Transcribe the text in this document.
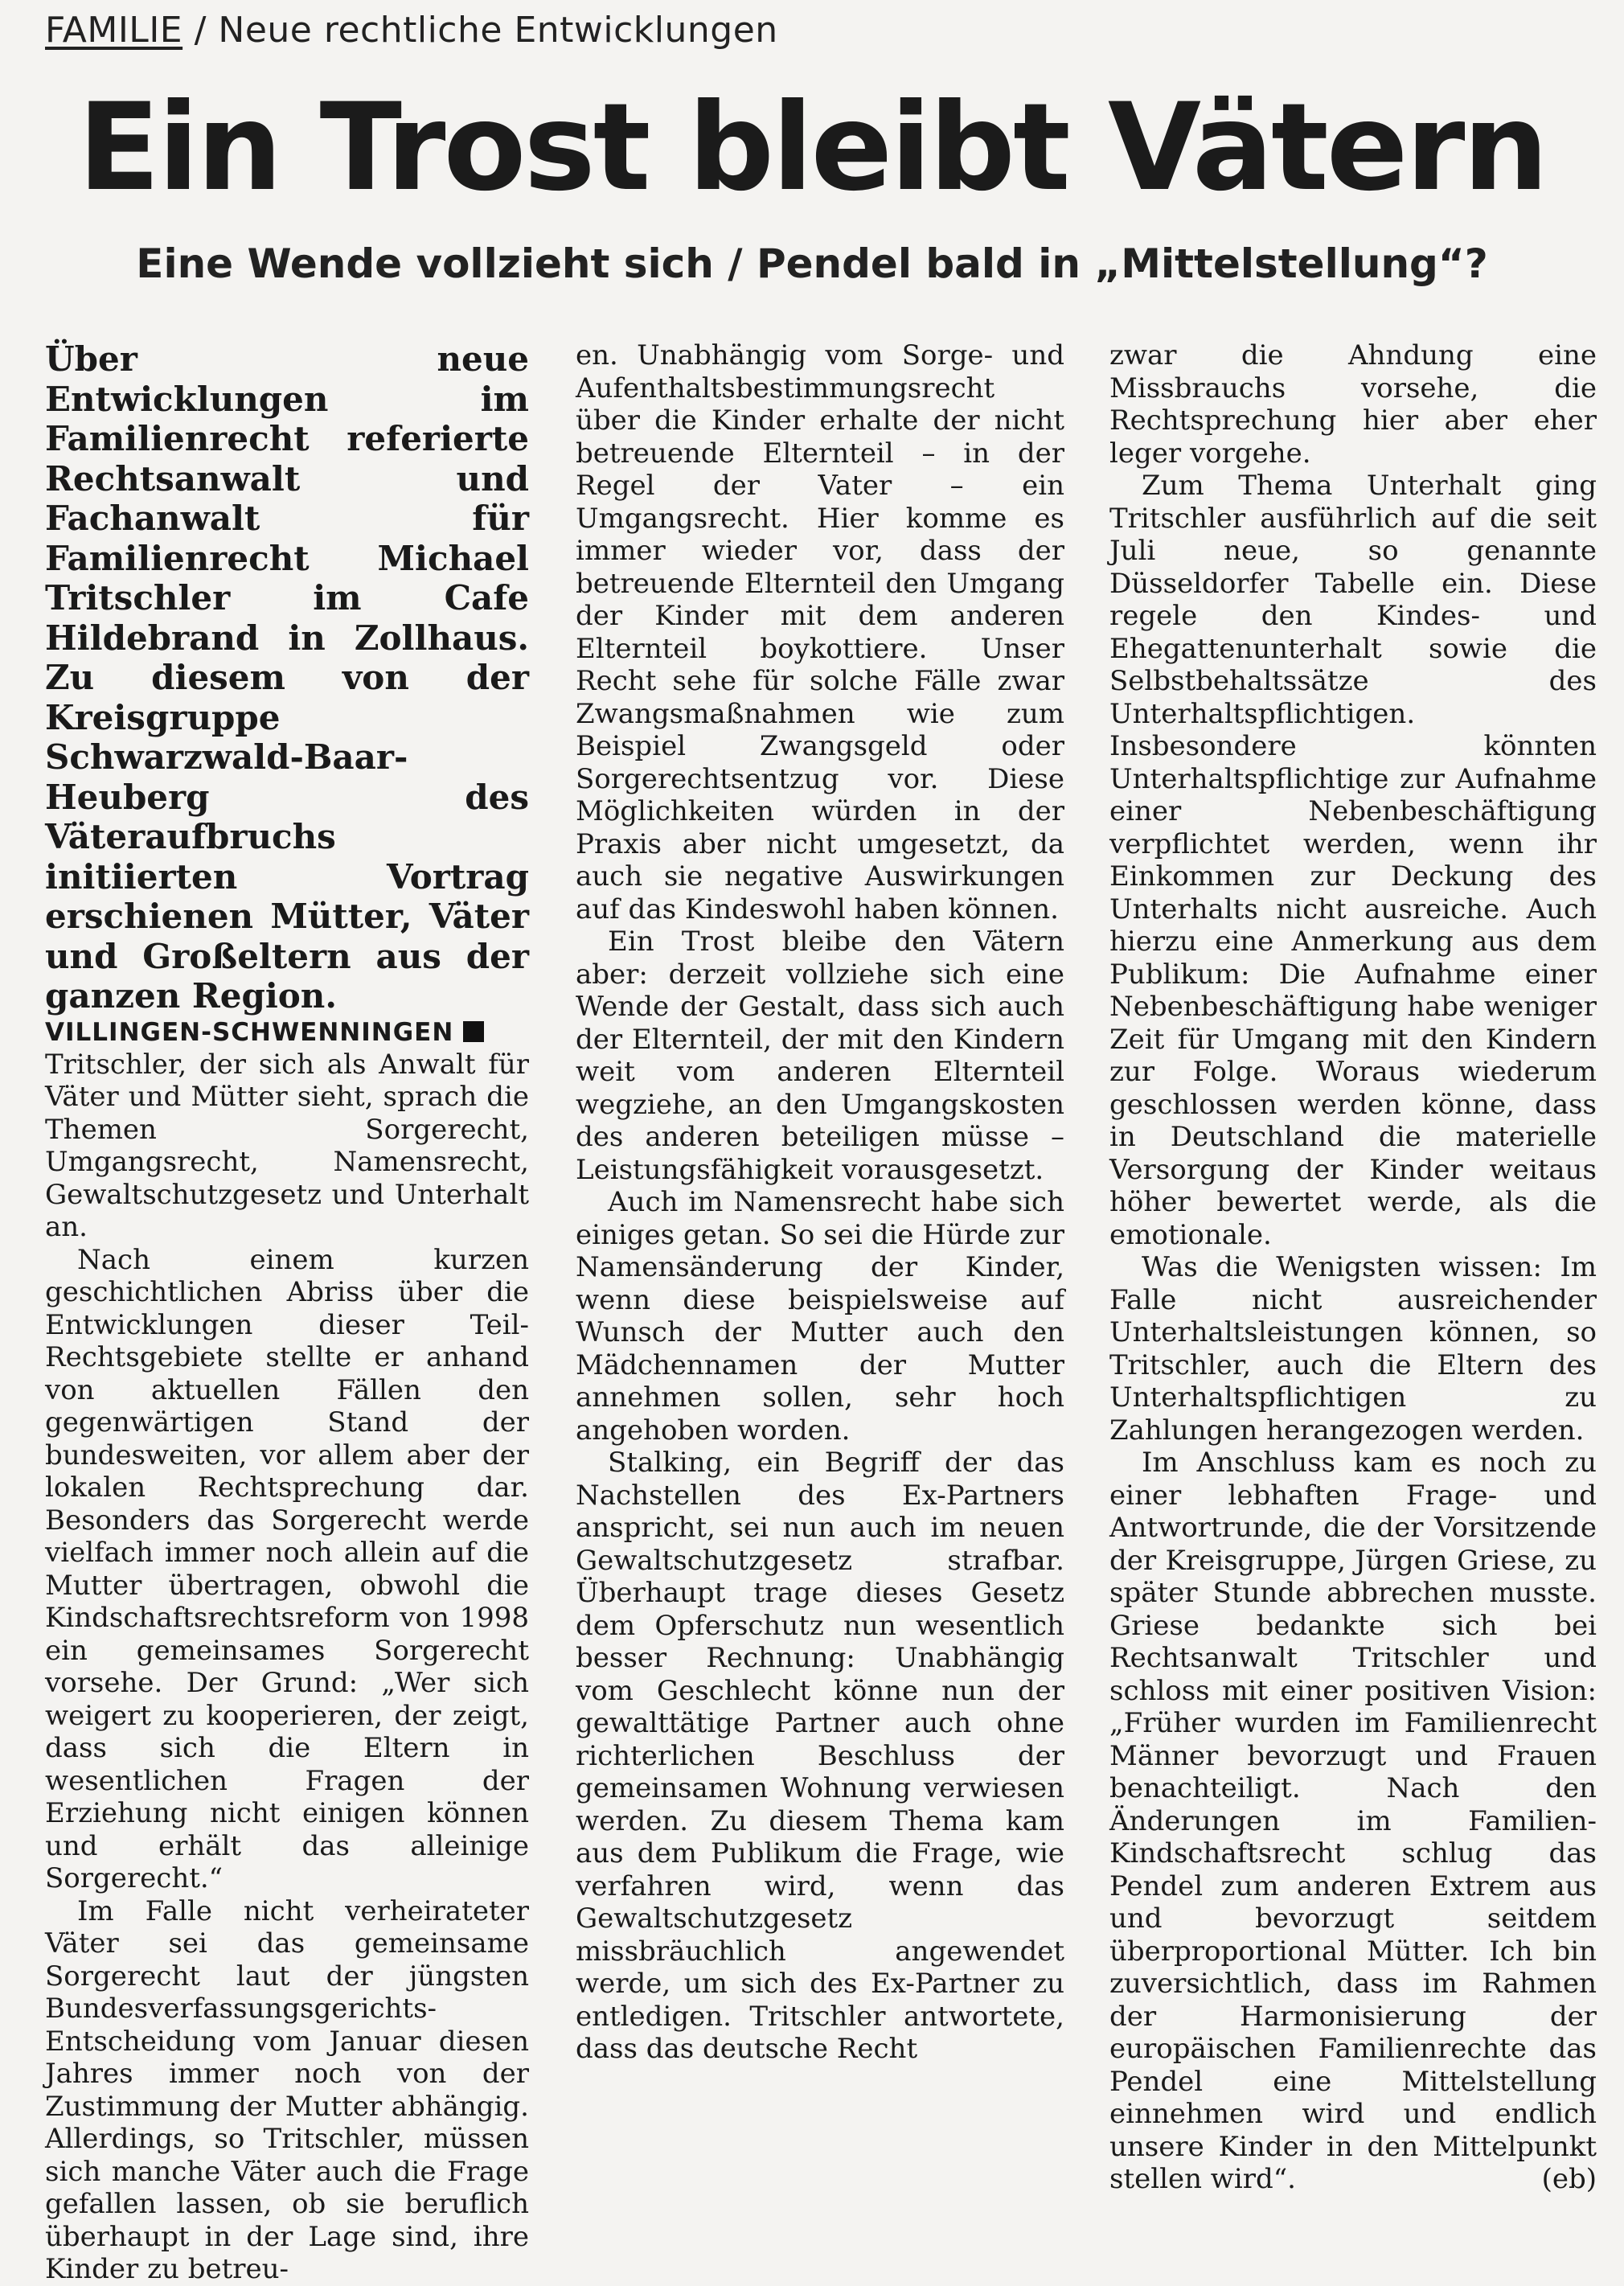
FAMILIE / Neue rechtliche Entwicklungen
Ein Trost bleibt Vätern
Eine Wende vollzieht sich / Pendel bald in „Mittelstellung“?

Über neue Entwicklungen im Familienrecht referierte Rechtsanwalt und Fachanwalt für Familienrecht Michael Tritschler im Cafe Hildebrand in Zollhaus. Zu diesem von der Kreisgruppe Schwarzwald-Baar-Heuberg des Väteraufbruchs initiierten Vortrag erschienen Mütter, Väter und Großeltern aus der ganzen Region.

VILLINGEN-SCHWENNINGEN

Tritschler, der sich als Anwalt für Väter und Mütter sieht, sprach die Themen Sorgerecht, Umgangsrecht, Namensrecht, Gewaltschutzgesetz und Unterhalt an.

Nach einem kurzen geschichtlichen Abriss über die Entwicklungen dieser Teil-Rechtsgebiete stellte er anhand von aktuellen Fällen den gegenwärtigen Stand der bundesweiten, vor allem aber der lokalen Rechtsprechung dar. Besonders das Sorgerecht werde vielfach immer noch allein auf die Mutter übertragen, obwohl die Kindschaftsrechtsreform von 1998 ein gemeinsames Sorgerecht vorsehe. Der Grund: „Wer sich weigert zu kooperieren, der zeigt, dass sich die Eltern in wesentlichen Fragen der Erziehung nicht einigen können und erhält das alleinige Sorgerecht.“

Im Falle nicht verheirateter Väter sei das gemeinsame Sorgerecht laut der jüngsten Bundesverfassungsgerichts-Entscheidung vom Januar diesen Jahres immer noch von der Zustimmung der Mutter abhängig. Allerdings, so Tritschler, müssen sich manche Väter auch die Frage gefallen lassen, ob sie beruflich überhaupt in der Lage sind, ihre Kinder zu betreu-

en. Unabhängig vom Sorge- und Aufenthaltsbestimmungsrecht über die Kinder erhalte der nicht betreuende Elternteil – in der Regel der Vater – ein Umgangsrecht. Hier komme es immer wieder vor, dass der betreuende Elternteil den Umgang der Kinder mit dem anderen Elternteil boykottiere. Unser Recht sehe für solche Fälle zwar Zwangsmaßnahmen wie zum Beispiel Zwangsgeld oder Sorgerechtsentzug vor. Diese Möglichkeiten würden in der Praxis aber nicht umgesetzt, da auch sie negative Auswirkungen auf das Kindeswohl haben können.

Ein Trost bleibe den Vätern aber: derzeit vollziehe sich eine Wende der Gestalt, dass sich auch der Elternteil, der mit den Kindern weit vom anderen Elternteil wegziehe, an den Umgangskosten des anderen beteiligen müsse – Leistungsfähigkeit vorausgesetzt.

Auch im Namensrecht habe sich einiges getan. So sei die Hürde zur Namensänderung der Kinder, wenn diese beispielsweise auf Wunsch der Mutter auch den Mädchennamen der Mutter annehmen sollen, sehr hoch angehoben worden.

Stalking, ein Begriff der das Nachstellen des Ex-Partners anspricht, sei nun auch im neuen Gewaltschutzgesetz strafbar. Überhaupt trage dieses Gesetz dem Opferschutz nun wesentlich besser Rechnung: Unabhängig vom Geschlecht könne nun der gewalttätige Partner auch ohne richterlichen Beschluss der gemeinsamen Wohnung verwiesen werden. Zu diesem Thema kam aus dem Publikum die Frage, wie verfahren wird, wenn das Gewaltschutzgesetz missbräuchlich angewendet werde, um sich des Ex-Partner zu entledigen. Tritschler antwortete, dass das deutsche Recht

zwar die Ahndung eine Missbrauchs vorsehe, die Rechtsprechung hier aber eher leger vorgehe.

Zum Thema Unterhalt ging Tritschler ausführlich auf die seit Juli neue, so genannte Düsseldorfer Tabelle ein. Diese regele den Kindes- und Ehegattenunterhalt sowie die Selbstbehaltssätze des Unterhaltspflichtigen. Insbesondere könnten Unterhaltspflichtige zur Aufnahme einer Nebenbeschäftigung verpflichtet werden, wenn ihr Einkommen zur Deckung des Unterhalts nicht ausreiche. Auch hierzu eine Anmerkung aus dem Publikum: Die Aufnahme einer Nebenbeschäftigung habe weniger Zeit für Umgang mit den Kindern zur Folge. Woraus wiederum geschlossen werden könne, dass in Deutschland die materielle Versorgung der Kinder weitaus höher bewertet werde, als die emotionale.

Was die Wenigsten wissen: Im Falle nicht ausreichender Unterhaltsleistungen können, so Tritschler, auch die Eltern des Unterhaltspflichtigen zu Zahlungen herangezogen werden.

Im Anschluss kam es noch zu einer lebhaften Frage- und Antwortrunde, die der Vorsitzende der Kreisgruppe, Jürgen Griese, zu später Stunde abbrechen musste. Griese bedankte sich bei Rechtsanwalt Tritschler und schloss mit einer positiven Vision: „Früher wurden im Familienrecht Männer bevorzugt und Frauen benachteiligt. Nach den Änderungen im Familien-Kindschaftsrecht schlug das Pendel zum anderen Extrem aus und bevorzugt seitdem überproportional Mütter. Ich bin zuversichtlich, dass im Rahmen der Harmonisierung der europäischen Familienrechte das Pendel eine Mittelstellung einnehmen wird und endlich unsere Kinder in den Mittelpunkt stellen wird“.	(eb)
